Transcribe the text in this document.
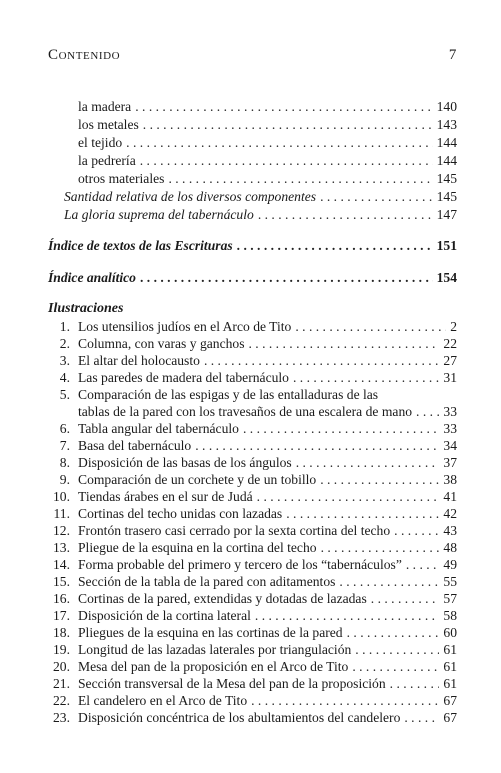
Contenido	7
la madera . . .	140
los metales . . .	143
el tejido . . .	144
la pedrería . . .	144
otros materiales . . .	145
Santidad relativa de los diversos componentes . . .	145
La gloria suprema del tabernáculo . . .	147
Índice de textos de las Escrituras . . .	151
Índice analítico . . .	154
Ilustraciones
1. Los utensilios judíos en el Arco de Tito . . .	2
2. Columna, con varas y ganchos . . .	22
3. El altar del holocausto . . .	27
4. Las paredes de madera del tabernáculo . . .	31
5. Comparación de las espigas y de las entalladuras de las
tablas de la pared con los travesaños de una escalera de mano . . . 33
6. Tabla angular del tabernáculo . . .	33
7. Basa del tabernáculo . . .	34
8. Disposición de las basas de los ángulos . . .	37
9. Comparación de un corchete y de un tobillo . . .	38
10. Tiendas árabes en el sur de Judá . . .	41
11. Cortinas del techo unidas con lazadas . . .	42
12. Frontón trasero casi cerrado por la sexta cortina del techo . . .	43
13. Pliegue de la esquina en la cortina del techo . . .	48
14. Forma probable del primero y tercero de los “tabernáculos” . . .	49
15. Sección de la tabla de la pared con aditamentos . . .	55
16. Cortinas de la pared, extendidas y dotadas de lazadas . . .	57
17. Disposición de la cortina lateral . . .	58
18. Pliegues de la esquina en las cortinas de la pared . . .	60
19. Longitud de las lazadas laterales por triangulación . . .	61
20. Mesa del pan de la proposición en el Arco de Tito . . .	61
21. Sección transversal de la Mesa del pan de la proposición . . .	61
22. El candelero en el Arco de Tito . . .	67
23. Disposición concéntrica de los abultamientos del candelero . . .	67
